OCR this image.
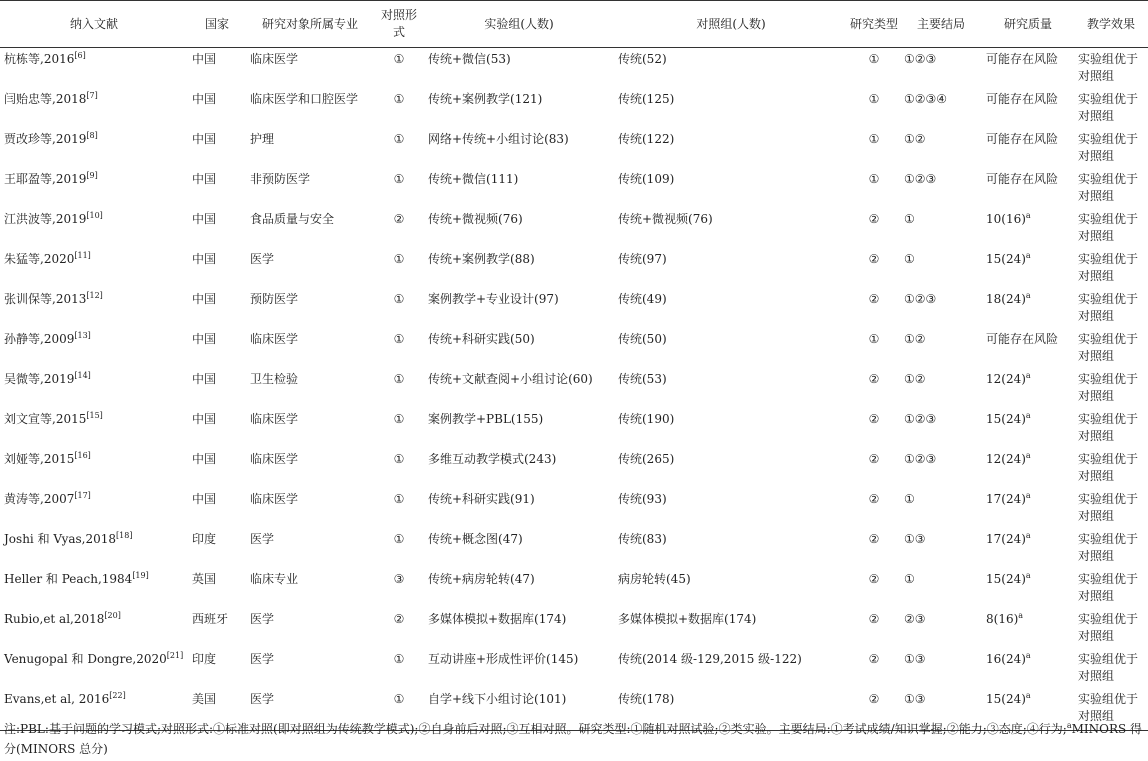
纳入文献	国家	研究对象所属专业	对照形式	实验组(人数)	对照组(人数)	研究类型	主要结局	研究质量	教学效果
杭栋等,2016[6]	中国	临床医学	①	传统+微信(53)	传统(52)	①	①②③	可能存在风险	实验组优于对照组
闫贻忠等,2018[7]	中国	临床医学和口腔医学	①	传统+案例教学(121)	传统(125)	①	①②③④	可能存在风险	实验组优于对照组
贾改珍等,2019[8]	中国	护理	①	网络+传统+小组讨论(83)	传统(122)	①	①②	可能存在风险	实验组优于对照组
王耶盈等,2019[9]	中国	非预防医学	①	传统+微信(111)	传统(109)	①	①②③	可能存在风险	实验组优于对照组
江洪波等,2019[10]	中国	食品质量与安全	②	传统+微视频(76)	传统+微视频(76)	②	①	$10(16)^a$	实验组优于对照组
朱猛等,2020[11]	中国	医学	①	传统+案例教学(88)	传统(97)	②	①	$15(24)^a$	实验组优于对照组
张训保等,2013[12]	中国	预防医学	①	案例教学+专业设计(97)	传统(49)	②	①②③	$18(24)^a$	实验组优于对照组
孙静等,2009[13]	中国	临床医学	①	传统+科研实践(50)	传统(50)	①	①②	可能存在风险	实验组优于对照组
吴微等,2019[14]	中国	卫生检验	①	传统+文献查阅+小组讨论(60)	传统(53)	②	①②	$12(24)^a$	实验组优于对照组
刘文宣等,2015[15]	中国	临床医学	①	案例教学+PBL(155)	传统(190)	②	①②③	$15(24)^a$	实验组优于对照组
刘娅等,2015[16]	中国	临床医学	①	多维互动教学模式(243)	传统(265)	②	①②③	$12(24)^a$	实验组优于对照组
黄涛等,2007[17]	中国	临床医学	①	传统+科研实践(91)	传统(93)	②	①	$17(24)^a$	实验组优于对照组
Joshi 和 Vyas,2018[18]	印度	医学	①	传统+概念图(47)	传统(83)	②	①③	$17(24)^a$	实验组优于对照组
Heller 和 Peach,1984[19]	英国	临床专业	③	传统+病房轮转(47)	病房轮转(45)	②	①	$15(24)^a$	实验组优于对照组
Rubio,et al,2018[20]	西班牙	医学	②	多媒体模拟+数据库(174)	多媒体模拟+数据库(174)	②	②③	$8(16)^a$	实验组优于对照组
Venugopal 和 Dongre,2020[21]	印度	医学	①	互动讲座+形成性评价(145)	传统(2014 级-129,2015 级-122)	②	①③	$16(24)^a$	实验组优于对照组
Evans,et al, 2016[22]	美国	医学	①	自学+线下小组讨论(101)	传统(178)	②	①③	$15(24)^a$	实验组优于对照组
注:PBL:基于问题的学习模式;对照形式:①标准对照(即对照组为传统教学模式);②自身前后对照;③互相对照。研究类型:①随机对照试验;②类实验。主要结局:①考试成绩/知识掌握;②能力;③态度;④行为;$^a$MINORS 得分(MINORS 总分)
